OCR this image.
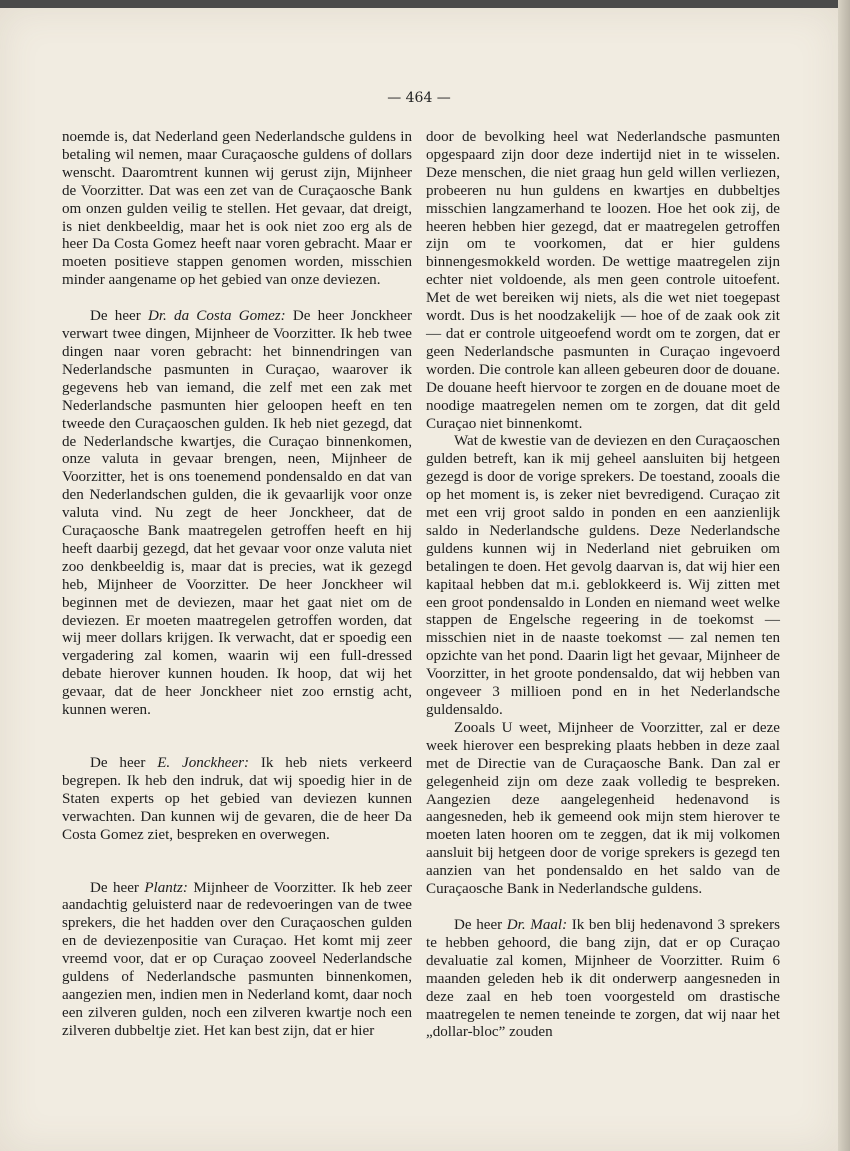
— 464 —

noemde is, dat Nederland geen Nederlandsche guldens in betaling wil nemen, maar Curaçaosche guldens of dollars wenscht. Daaromtrent kunnen wij gerust zijn, Mijnheer de Voorzitter. Dat was een zet van de Curaçaosche Bank om onzen gulden veilig te stellen. Het gevaar, dat dreigt, is niet denkbeeldig, maar het is ook niet zoo erg als de heer Da Costa Gomez heeft naar voren gebracht. Maar er moeten positieve stappen genomen worden, misschien minder aangename op het gebied van onze deviezen.

De heer Dr. da Costa Gomez: De heer Jonckheer verwart twee dingen, Mijnheer de Voorzitter. Ik heb twee dingen naar voren gebracht: het binnendringen van Nederlandsche pasmunten in Curaçao, waarover ik gegevens heb van iemand, die zelf met een zak met Nederlandsche pasmunten hier geloopen heeft en ten tweede den Curaçaoschen gulden. Ik heb niet gezegd, dat de Nederlandsche kwartjes, die Curaçao binnenkomen, onze valuta in gevaar brengen, neen, Mijnheer de Voorzitter, het is ons toenemend pondensaldo en dat van den Nederlandschen gulden, die ik gevaarlijk voor onze valuta vind. Nu zegt de heer Jonckheer, dat de Curaçaosche Bank maatregelen getroffen heeft en hij heeft daarbij gezegd, dat het gevaar voor onze valuta niet zoo denkbeeldig is, maar dat is precies, wat ik gezegd heb, Mijnheer de Voorzitter. De heer Jonckheer wil beginnen met de deviezen, maar het gaat niet om de deviezen. Er moeten maatregelen getroffen worden, dat wij meer dollars krijgen. Ik verwacht, dat er spoedig een vergadering zal komen, waarin wij een full-dressed debate hierover kunnen houden. Ik hoop, dat wij het gevaar, dat de heer Jonckheer niet zoo ernstig acht, kunnen weren.

De heer E. Jonckheer: Ik heb niets verkeerd begrepen. Ik heb den indruk, dat wij spoedig hier in de Staten experts op het gebied van deviezen kunnen verwachten. Dan kunnen wij de gevaren, die de heer Da Costa Gomez ziet, bespreken en overwegen.

De heer Plantz: Mijnheer de Voorzitter. Ik heb zeer aandachtig geluisterd naar de redevoeringen van de twee sprekers, die het hadden over den Curaçaoschen gulden en de deviezenpositie van Curaçao. Het komt mij zeer vreemd voor, dat er op Curaçao zooveel Nederlandsche guldens of Nederlandsche pasmunten binnenkomen, aangezien men, indien men in Nederland komt, daar noch een zilveren gulden, noch een zilveren kwartje noch een zilveren dubbeltje ziet. Het kan best zijn, dat er hier

door de bevolking heel wat Nederlandsche pasmunten opgespaard zijn door deze indertijd niet in te wisselen. Deze menschen, die niet graag hun geld willen verliezen, probeeren nu hun guldens en kwartjes en dubbeltjes misschien langzamerhand te loozen. Hoe het ook zij, de heeren hebben hier gezegd, dat er maatregelen getroffen zijn om te voorkomen, dat er hier guldens binnengesmokkeld worden. De wettige maatregelen zijn echter niet voldoende, als men geen controle uitoefent. Met de wet bereiken wij niets, als die wet niet toegepast wordt. Dus is het noodzakelijk — hoe of de zaak ook zit — dat er controle uitgeoefend wordt om te zorgen, dat er geen Nederlandsche pasmunten in Curaçao ingevoerd worden. Die controle kan alleen gebeuren door de douane. De douane heeft hiervoor te zorgen en de douane moet de noodige maatregelen nemen om te zorgen, dat dit geld Curaçao niet binnenkomt.

Wat de kwestie van de deviezen en den Curaçaoschen gulden betreft, kan ik mij geheel aansluiten bij hetgeen gezegd is door de vorige sprekers. De toestand, zooals die op het moment is, is zeker niet bevredigend. Curaçao zit met een vrij groot saldo in ponden en een aanzienlijk saldo in Nederlandsche guldens. Deze Nederlandsche guldens kunnen wij in Nederland niet gebruiken om betalingen te doen. Het gevolg daarvan is, dat wij hier een kapitaal hebben dat m.i. geblokkeerd is. Wij zitten met een groot pondensaldo in Londen en niemand weet welke stappen de Engelsche regeering in de toekomst — misschien niet in de naaste toekomst — zal nemen ten opzichte van het pond. Daarin ligt het gevaar, Mijnheer de Voorzitter, in het groote pondensaldo, dat wij hebben van ongeveer 3 millioen pond en in het Nederlandsche guldensaldo.

Zooals U weet, Mijnheer de Voorzitter, zal er deze week hierover een bespreking plaats hebben in deze zaal met de Directie van de Curaçaosche Bank. Dan zal er gelegenheid zijn om deze zaak volledig te bespreken. Aangezien deze aangelegenheid hedenavond is aangesneden, heb ik gemeend ook mijn stem hierover te moeten laten hooren om te zeggen, dat ik mij volkomen aansluit bij hetgeen door de vorige sprekers is gezegd ten aanzien van het pondensaldo en het saldo van de Curaçaosche Bank in Nederlandsche guldens.

De heer Dr. Maal: Ik ben blij hedenavond 3 sprekers te hebben gehoord, die bang zijn, dat er op Curaçao devaluatie zal komen, Mijnheer de Voorzitter. Ruim 6 maanden geleden heb ik dit onderwerp aangesneden in deze zaal en heb toen voorgesteld om drastische maatregelen te nemen teneinde te zorgen, dat wij naar het „dollar-bloc” zouden
